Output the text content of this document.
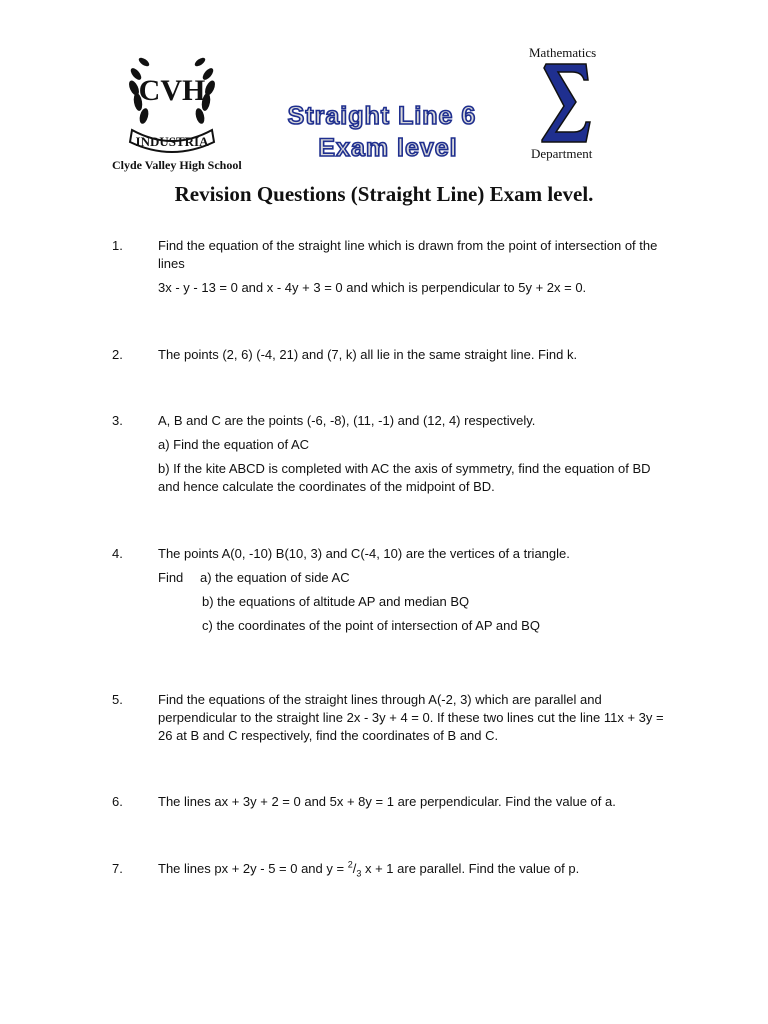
CVH
INDUSTRIA
Clyde Valley High School
Straight Line 6
Exam level
Mathematics
Department
Revision Questions (Straight Line) Exam level.
1.	Find the equation of the straight line which is drawn from the point of intersection of the lines

3x - y - 13 = 0 and x - 4y + 3 = 0 and which is perpendicular to 5y + 2x = 0.

2.	The points (2, 6) (-4, 21) and (7, k) all lie in the same straight line. Find k.

3.	A, B and C are the points (-6, -8), (11, -1) and (12, 4) respectively.

a) Find the equation of AC

b) If the kite ABCD is completed with AC the axis of symmetry, find the equation of BD and hence calculate the coordinates of the midpoint of BD.

4.	The points A(0, -10) B(10, 3) and C(-4, 10) are the vertices of a triangle.

Find	a) the equation of side AC

b) the equations of altitude AP and median BQ

c) the coordinates of the point of intersection of AP and BQ

5.	Find the equations of the straight lines through A(-2, 3) which are parallel and perpendicular to the straight line 2x - 3y + 4 = 0. If these two lines cut the line 11x + 3y = 26 at B and C respectively, find the coordinates of B and C.

6.	The lines ax + 3y + 2 = 0 and 5x + 8y = 1 are perpendicular. Find the value of a.

7.	The lines px + 2y - 5 = 0 and $y = ^2/_3$ x + 1 are parallel. Find the value of p.
